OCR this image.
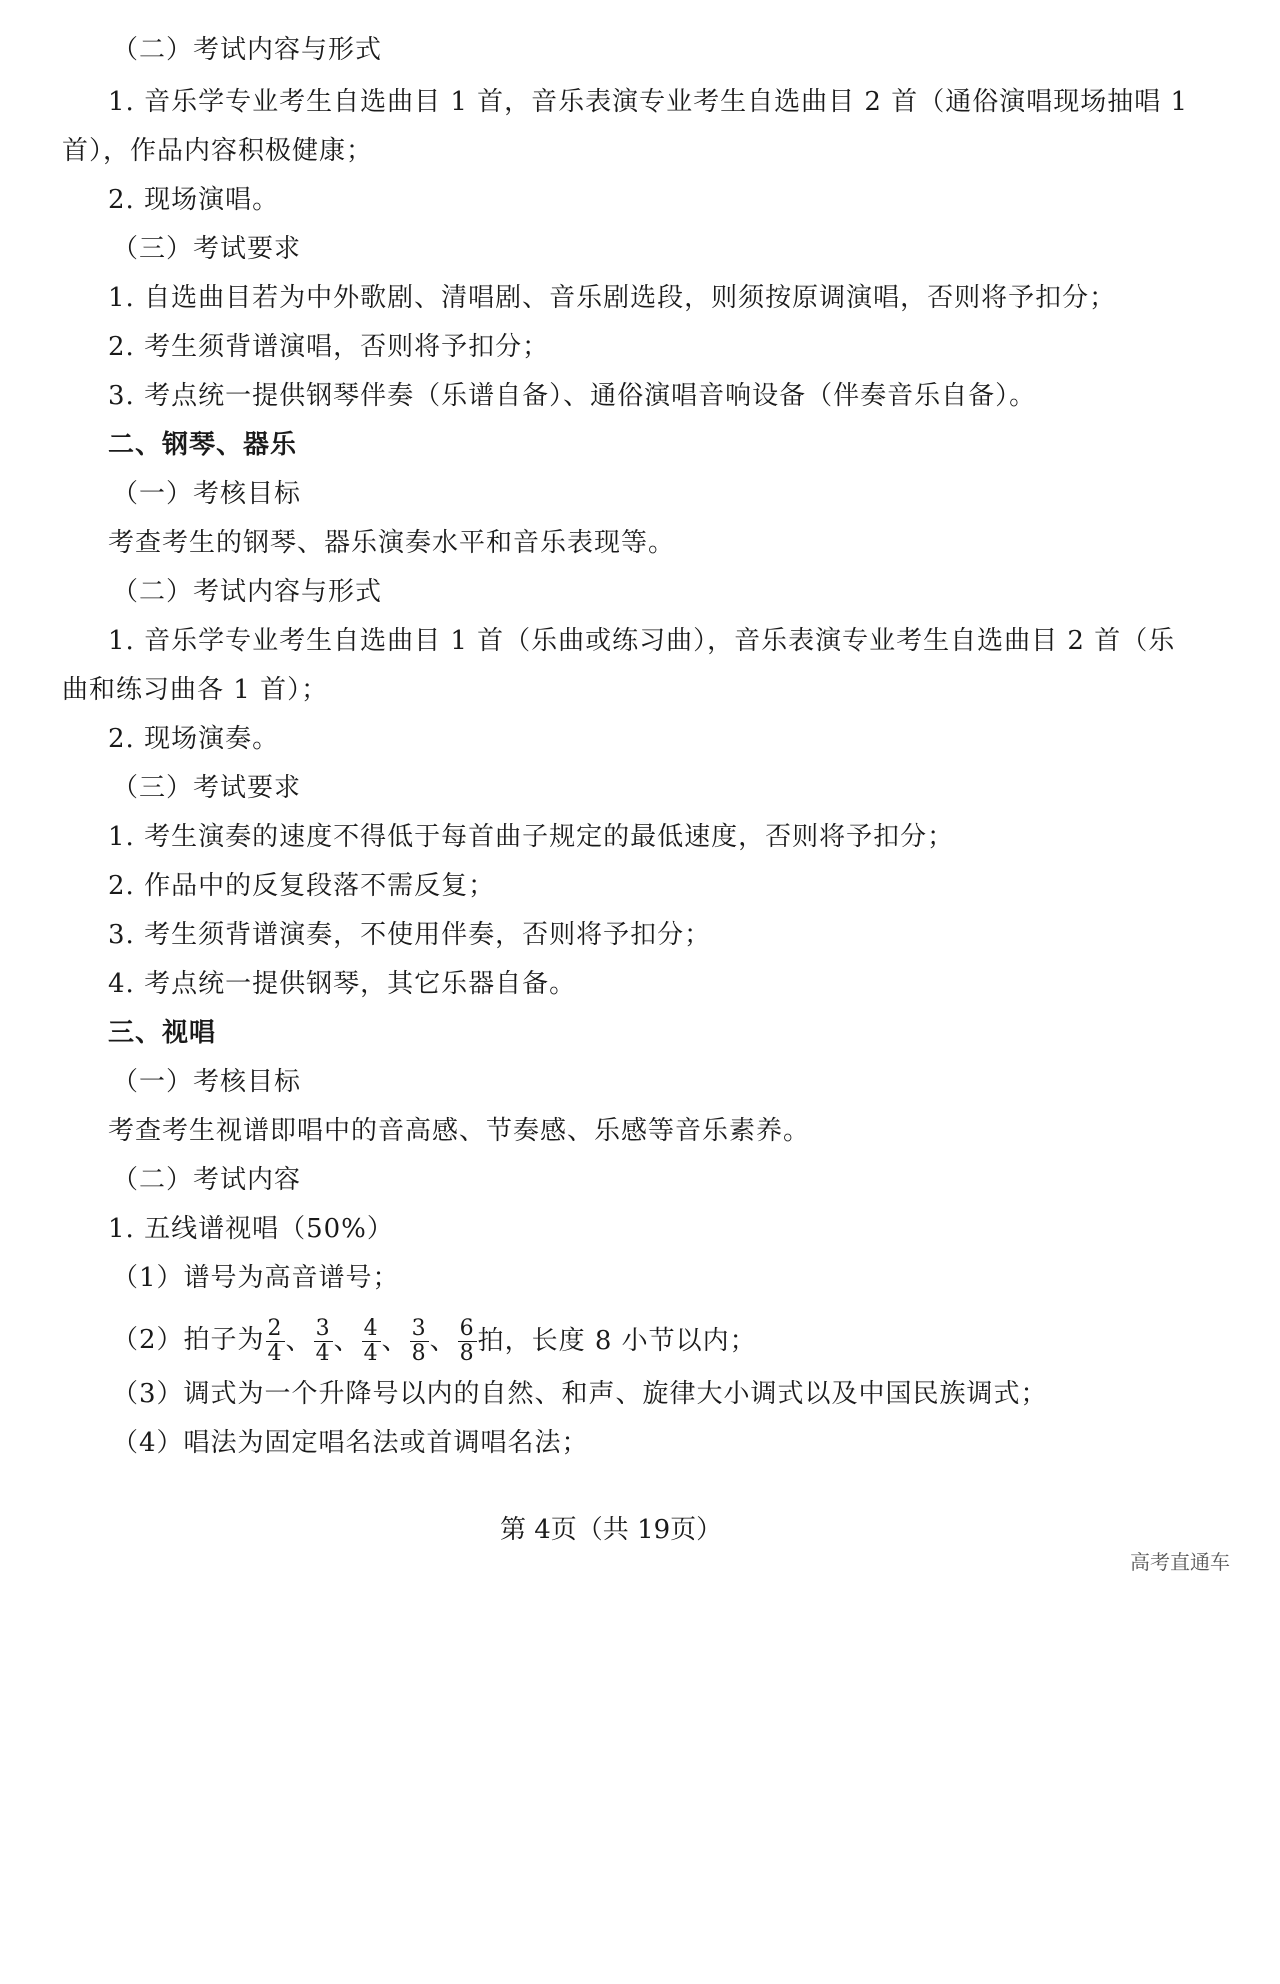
（二）考试内容与形式
1. 音乐学专业考生自选曲目 1 首，音乐表演专业考生自选曲目 2 首（通俗演唱现场抽唱 1
首），作品内容积极健康；
2. 现场演唱。
（三）考试要求
1. 自选曲目若为中外歌剧、清唱剧、音乐剧选段，则须按原调演唱，否则将予扣分；
2. 考生须背谱演唱，否则将予扣分；
3. 考点统一提供钢琴伴奏（乐谱自备）、通俗演唱音响设备（伴奏音乐自备）。
二、钢琴、器乐
（一）考核目标
考查考生的钢琴、器乐演奏水平和音乐表现等。
（二）考试内容与形式
1. 音乐学专业考生自选曲目 1 首（乐曲或练习曲），音乐表演专业考生自选曲目 2 首（乐
曲和练习曲各 1 首）；
2. 现场演奏。
（三）考试要求
1. 考生演奏的速度不得低于每首曲子规定的最低速度，否则将予扣分；
2. 作品中的反复段落不需反复；
3. 考生须背谱演奏，不使用伴奏，否则将予扣分；
4. 考点统一提供钢琴，其它乐器自备。
三、视唱
（一）考核目标
考查考生视谱即唱中的音高感、节奏感、乐感等音乐素养。
（二）考试内容
1. 五线谱视唱（50%）
（1）谱号为高音谱号；
（2）拍子为 $\frac{2}{4}$ 、 $\frac{3}{4}$ 、 $\frac{4}{4}$ 、 $\frac{3}{8}$ 、 $\frac{6}{8}$ 拍，长度 8 小节以内；
（3）调式为一个升降号以内的自然、和声、旋律大小调式以及中国民族调式；
（4）唱法为固定唱名法或首调唱名法；
第 4页（共 19页）
高考直通车
